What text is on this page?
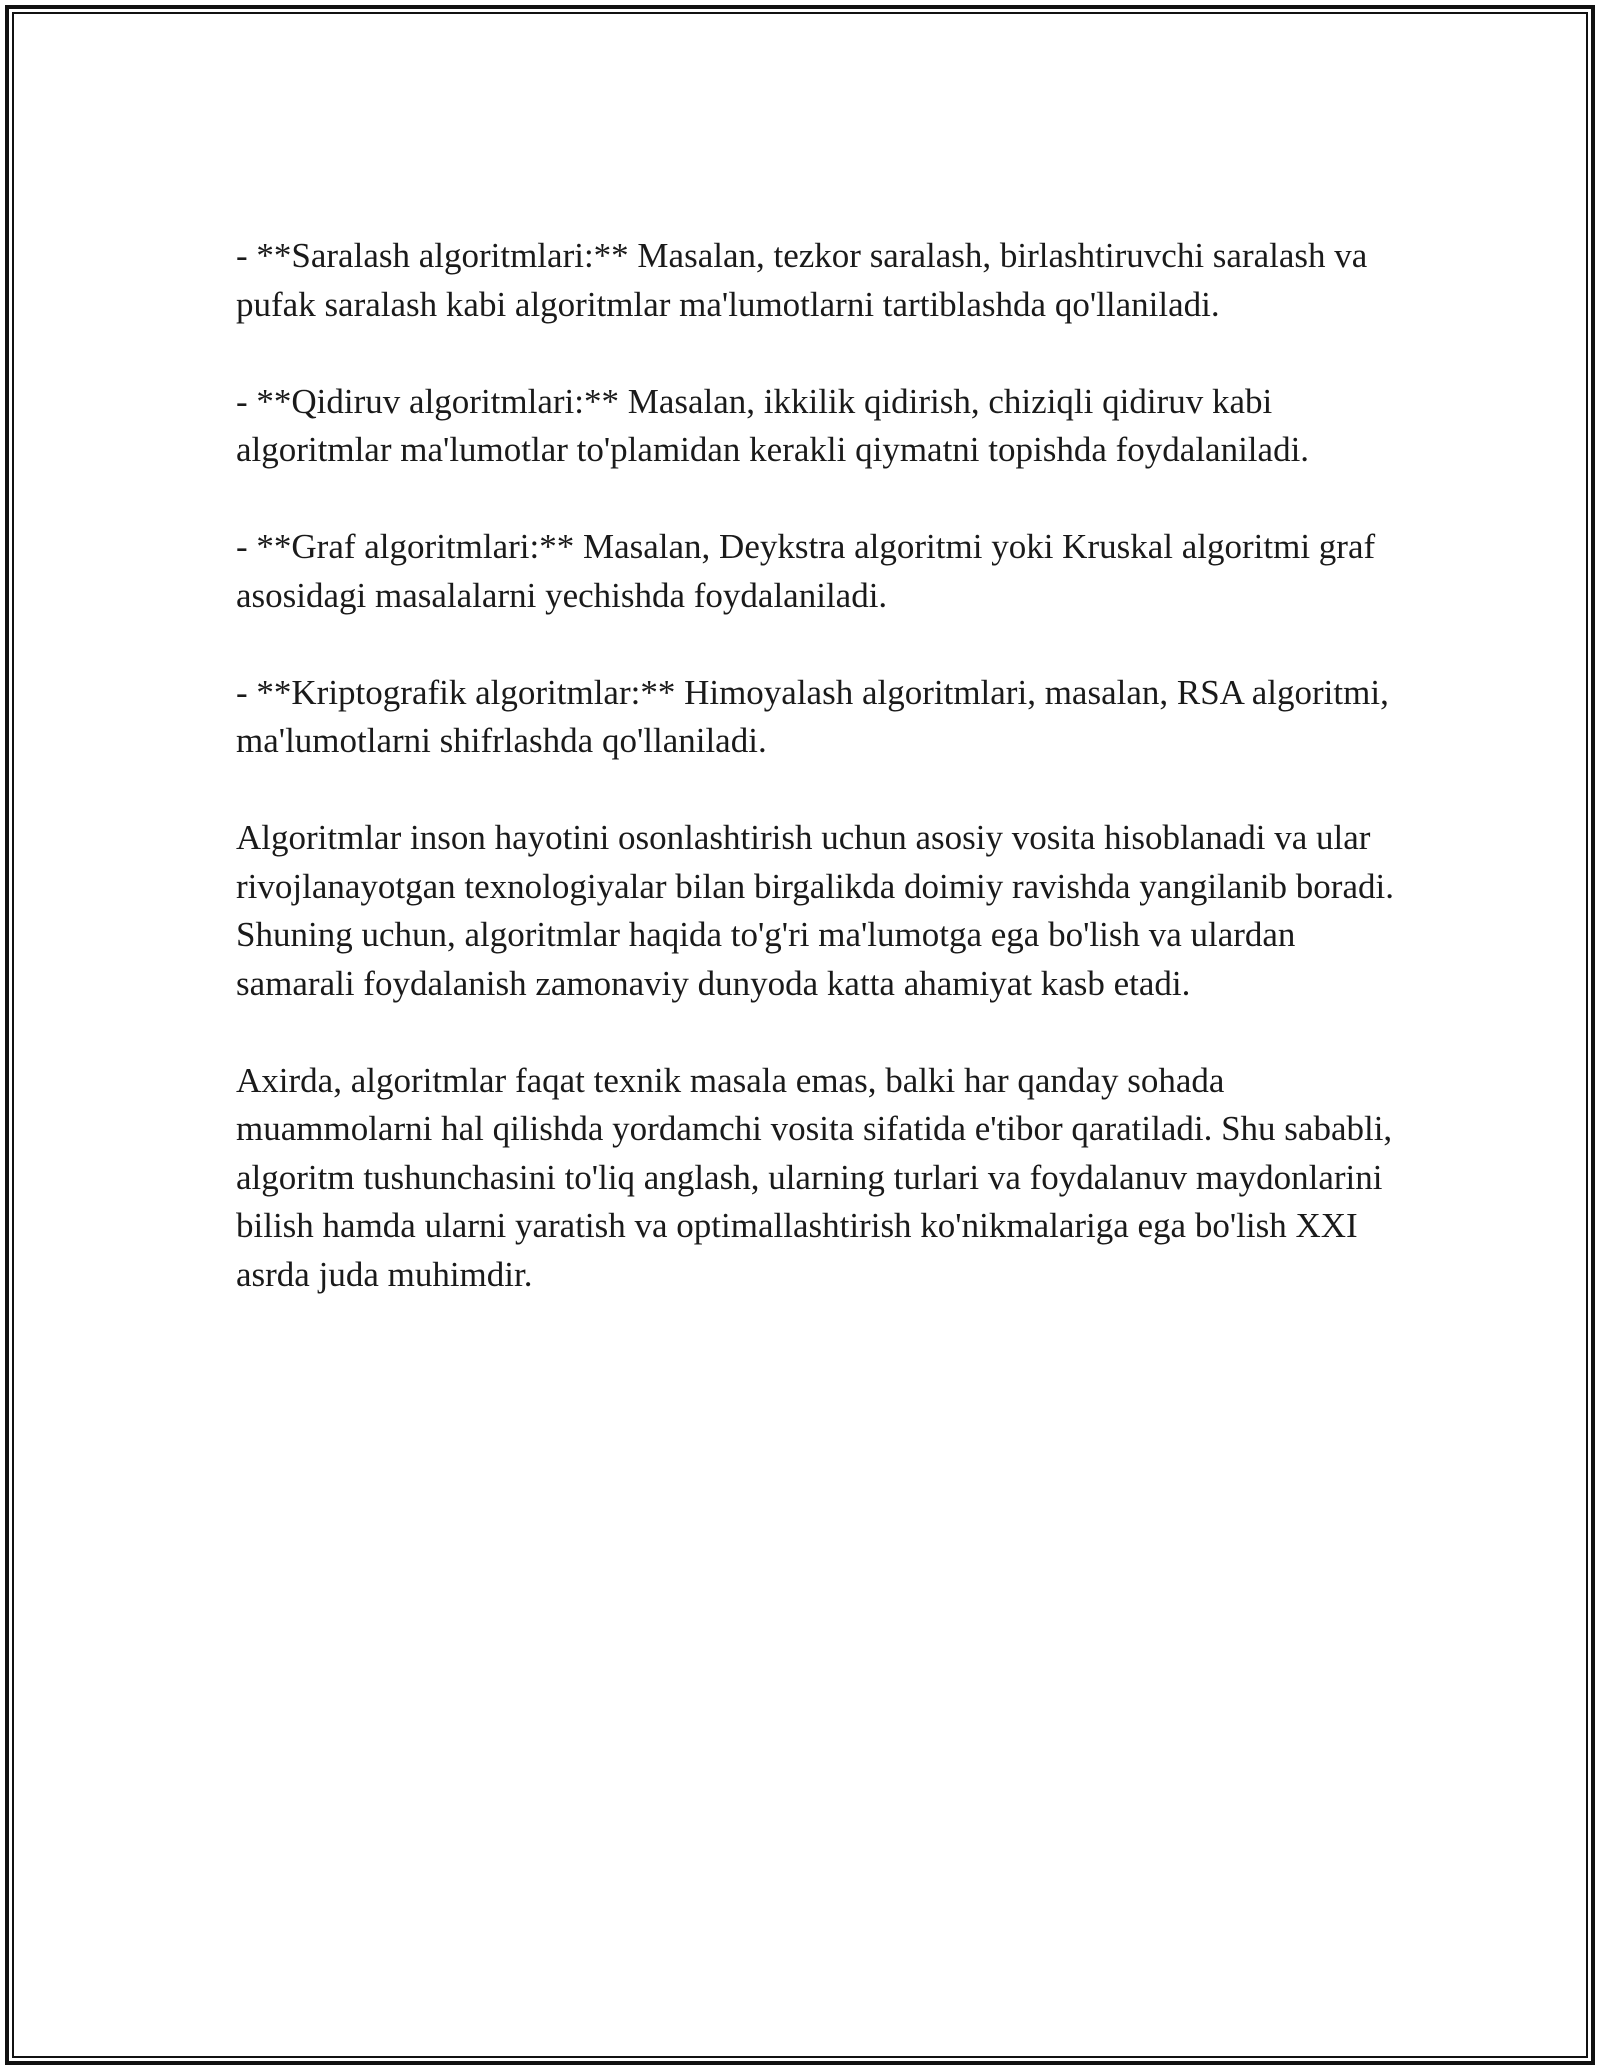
- **Saralash algoritmlari:** Masalan, tezkor saralash, birlashtiruvchi saralash va pufak saralash kabi algoritmlar ma'lumotlarni tartiblashda qo'llaniladi.

- **Qidiruv algoritmlari:** Masalan, ikkilik qidirish, chiziqli qidiruv kabi algoritmlar ma'lumotlar to'plamidan kerakli qiymatni topishda foydalaniladi.

- **Graf algoritmlari:** Masalan, Deykstra algoritmi yoki Kruskal algoritmi graf asosidagi masalalarni yechishda foydalaniladi.

- **Kriptografik algoritmlar:** Himoyalash algoritmlari, masalan, RSA algoritmi, ma'lumotlarni shifrlashda qo'llaniladi.

Algoritmlar inson hayotini osonlashtirish uchun asosiy vosita hisoblanadi va ular rivojlanayotgan texnologiyalar bilan birgalikda doimiy ravishda yangilanib boradi. Shuning uchun, algoritmlar haqida to'g'ri ma'lumotga ega bo'lish va ulardan samarali foydalanish zamonaviy dunyoda katta ahamiyat kasb etadi.

Axirda, algoritmlar faqat texnik masala emas, balki har qanday sohada muammolarni hal qilishda yordamchi vosita sifatida e'tibor qaratiladi. Shu sababli, algoritm tushunchasini to'liq anglash, ularning turlari va foydalanuv maydonlarini bilish hamda ularni yaratish va optimallashtirish ko'nikmalariga ega bo'lish XXI asrda juda muhimdir.
